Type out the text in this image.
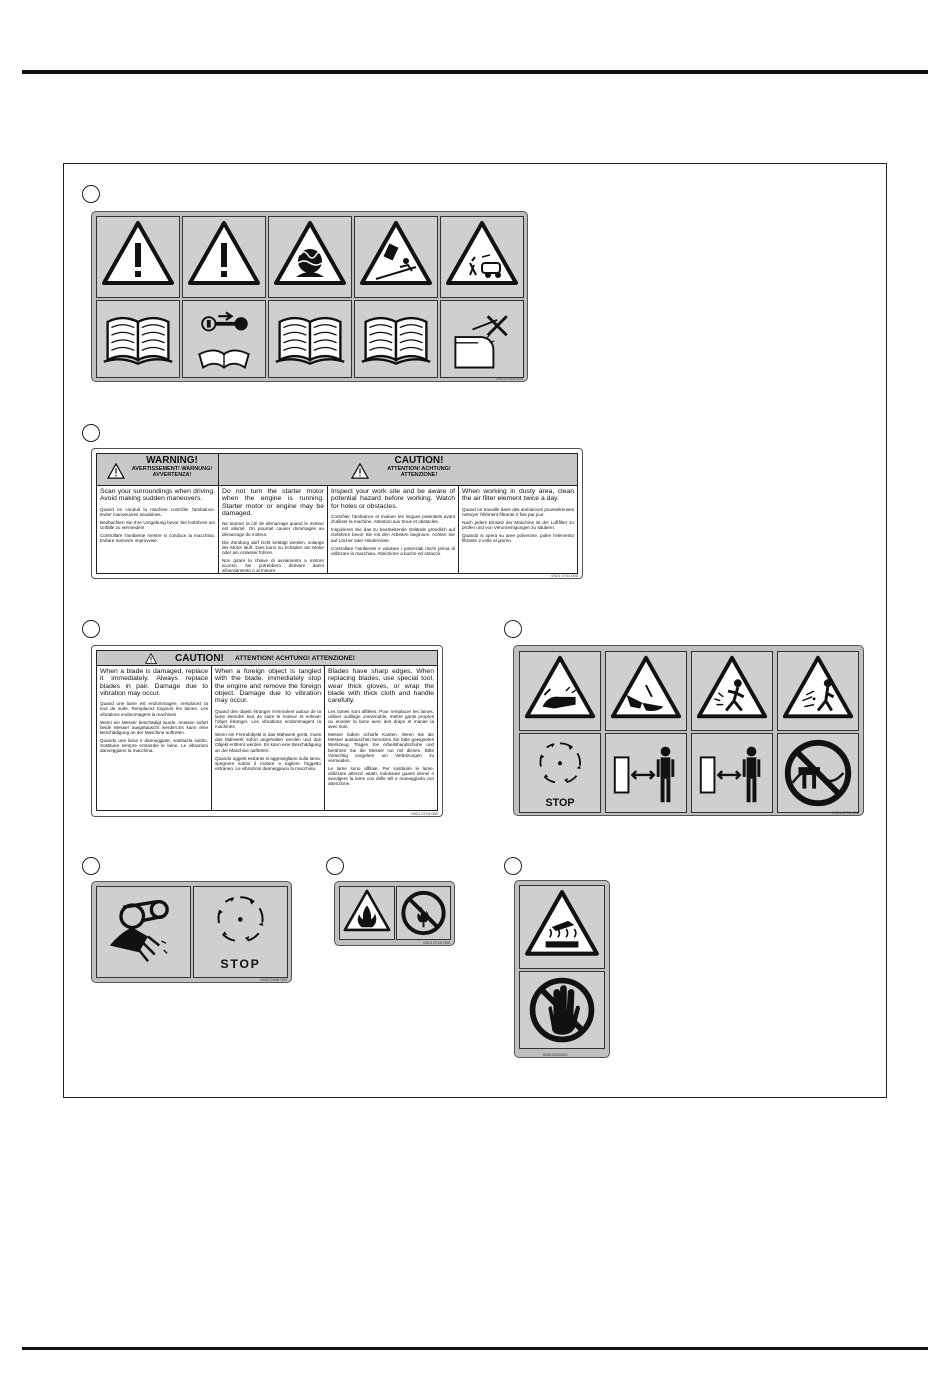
0921 0310 000
WARNING!
AVERTISSEMENT! WARNUNG! AVVERTENZA!
CAUTION!
ATTENTION! ACHTUNG! ATTENZIONE!

Scan your surroundings when driving. Avoid making sudden maneuvers.

Quand on conduit la machine contrôler l'ambiance. Eviter manoeuvres soudaines.

Beobachten Sie Ihre Umgebung bevor Sie losfahren um Unfälle zu vermeiden!

Controllare l'ambiente mentre si conduce la macchina. Evitare manovre improvvise.

Do not turn the starter motor when the engine is running. Starter motor or engine may be damaged.

Ne tourner la clé de démarrage quand le moteur est allumé. On pourrait causer dommages au démarrage du moteur.

Die Zündung darf nicht betätigt werden, solange der Motor läuft. Dies kann zu Schäden am Motor oder am Anlasser führen.

Non girare la chiave di avviamento a motore acceso. Ne potrebbero derivare danni all'avviamento o al motore.

Inspect your work site and be aware of potential hazard before working. Watch for holes or obstacles.

Contrôler l'ambiance et évaluer les risques potentiels avant d'utiliser la machine. Attention aux trous et obstacles.

Inspizieren Sie das zu bearbeitende Gelände gründlich auf Gefahren bevor Sie mit den Arbeiten beginnen. Achten Sie auf Löcher oder Hindernisse.

Controllare l'ambiente e valutare i potenziali rischi prima di utilizzare la macchina. Attenzione a buche ed ostacoli.

When working in dusty area, clean the air filter element twice a day.

Quand on travaille dans des ambiances poussiéreuses nettoyer l'élément filtrante 2 fois par jour.

Nach jedem Einsatz der Maschine ist der Luftfilter zu prüfen und von Verunreinigungen zu säubern.

Quando si opera su aree polverose, pulire l'elemento filtrante 2 volte al giorno.

0921 0741 000
CAUTION! ATTENTION! ACHTUNG! ATTENZIONE!

When a blade is damaged, replace it immediately. Always replace blades in pair. Damage due to vibration may occur.

Quand une lame est endommagée, remplacez la tout de suite. Remplacez toujours les lames. Les vibrations endommagent la machines

Wenn ein Messer beschädigt wurde, müssen sofort beide Messer ausgetauscht werden.Es kann eine Beschädigung an der Maschine auftreten.

Quando une lama è danneggiate, sostituirla subito. Sostituire sempre entrambe le lame. Le vibrazioni danneggiano la macchina.

When a foreign object is tangled with the blade, immediately stop the engine and remove the foreign object. Damage due to vibration may occur.

Quand des objets étranger s'enroulent autour de la lame éteindre tout de suite le moteur et enlever l'objet étranger. Les vibrations endommagent la machines

Wenn ein Fremdobjekt in das Mähwerk gerät, muss das Mähwerk sofort angehalten werden und das Objekt entfernt werden. Es kann eine Beschädigung an der Maschine auftreten.

Quando oggetti estranei si aggrovigliano sulla lama, spegnere subito il motore e togliere l'oggetto estraneo. Le vibrazioni danneggiano la macchina.

Blades have sharp edges. When replacing blades, use special tool, wear thick gloves, or wrap the blade with thick cloth and handle carefully.

Les lames sont affilées. Pour remplacer les lames, utiliser outillage convenable, mettre gants propres ou envoler la lame avec des draps et manier la avec soin.

Messer haben scharfe Kanten. Wenn Sie die Messer austauschen benutzen Sie bitte geeignetes Werkzeug. Tragen Sie Arbeitshandschuhe und berühren Sie die Messer nur mit diesen. Bitte Vorsichtig vorgehen um Verletzungen zu vermeiden.

Le lame sono affilate. Per sostituire le lame, utilizzare attrezzi adatti, indossare guanti idonei o avvolgere la lame con delle teli e maneggiarla con attenzione.

0921 0710 000
STOP
0921 0710 000
STOP
0920 0408 000
0921 0710 000
00612060000
